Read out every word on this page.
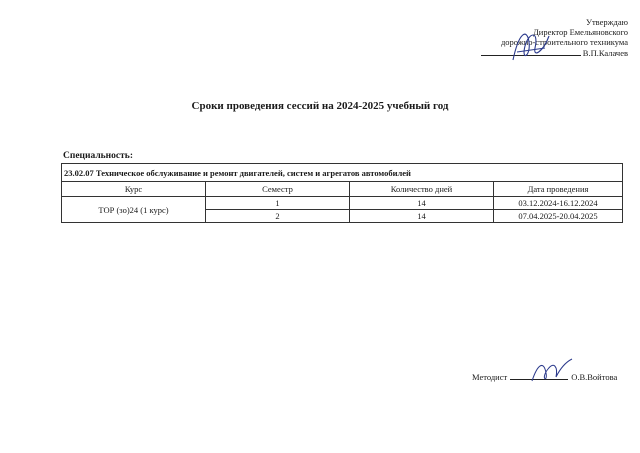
Утверждаю
Директор Емельяновского
дорожно-строительного техникума
В.П.Калачев
Сроки проведения сессий на 2024-2025 учебный год
Специальность:
23.02.07 Техническое обслуживание и ремонт двигателей, систем и агрегатов автомобилей			
Курс	Семестр	Количество дней	Дата проведения
ТОР (зо)24 (1 курс)	1	14	03.12.2024-16.12.2024
	2	14	07.04.2025-20.04.2025
Методист	О.В.Войтова
